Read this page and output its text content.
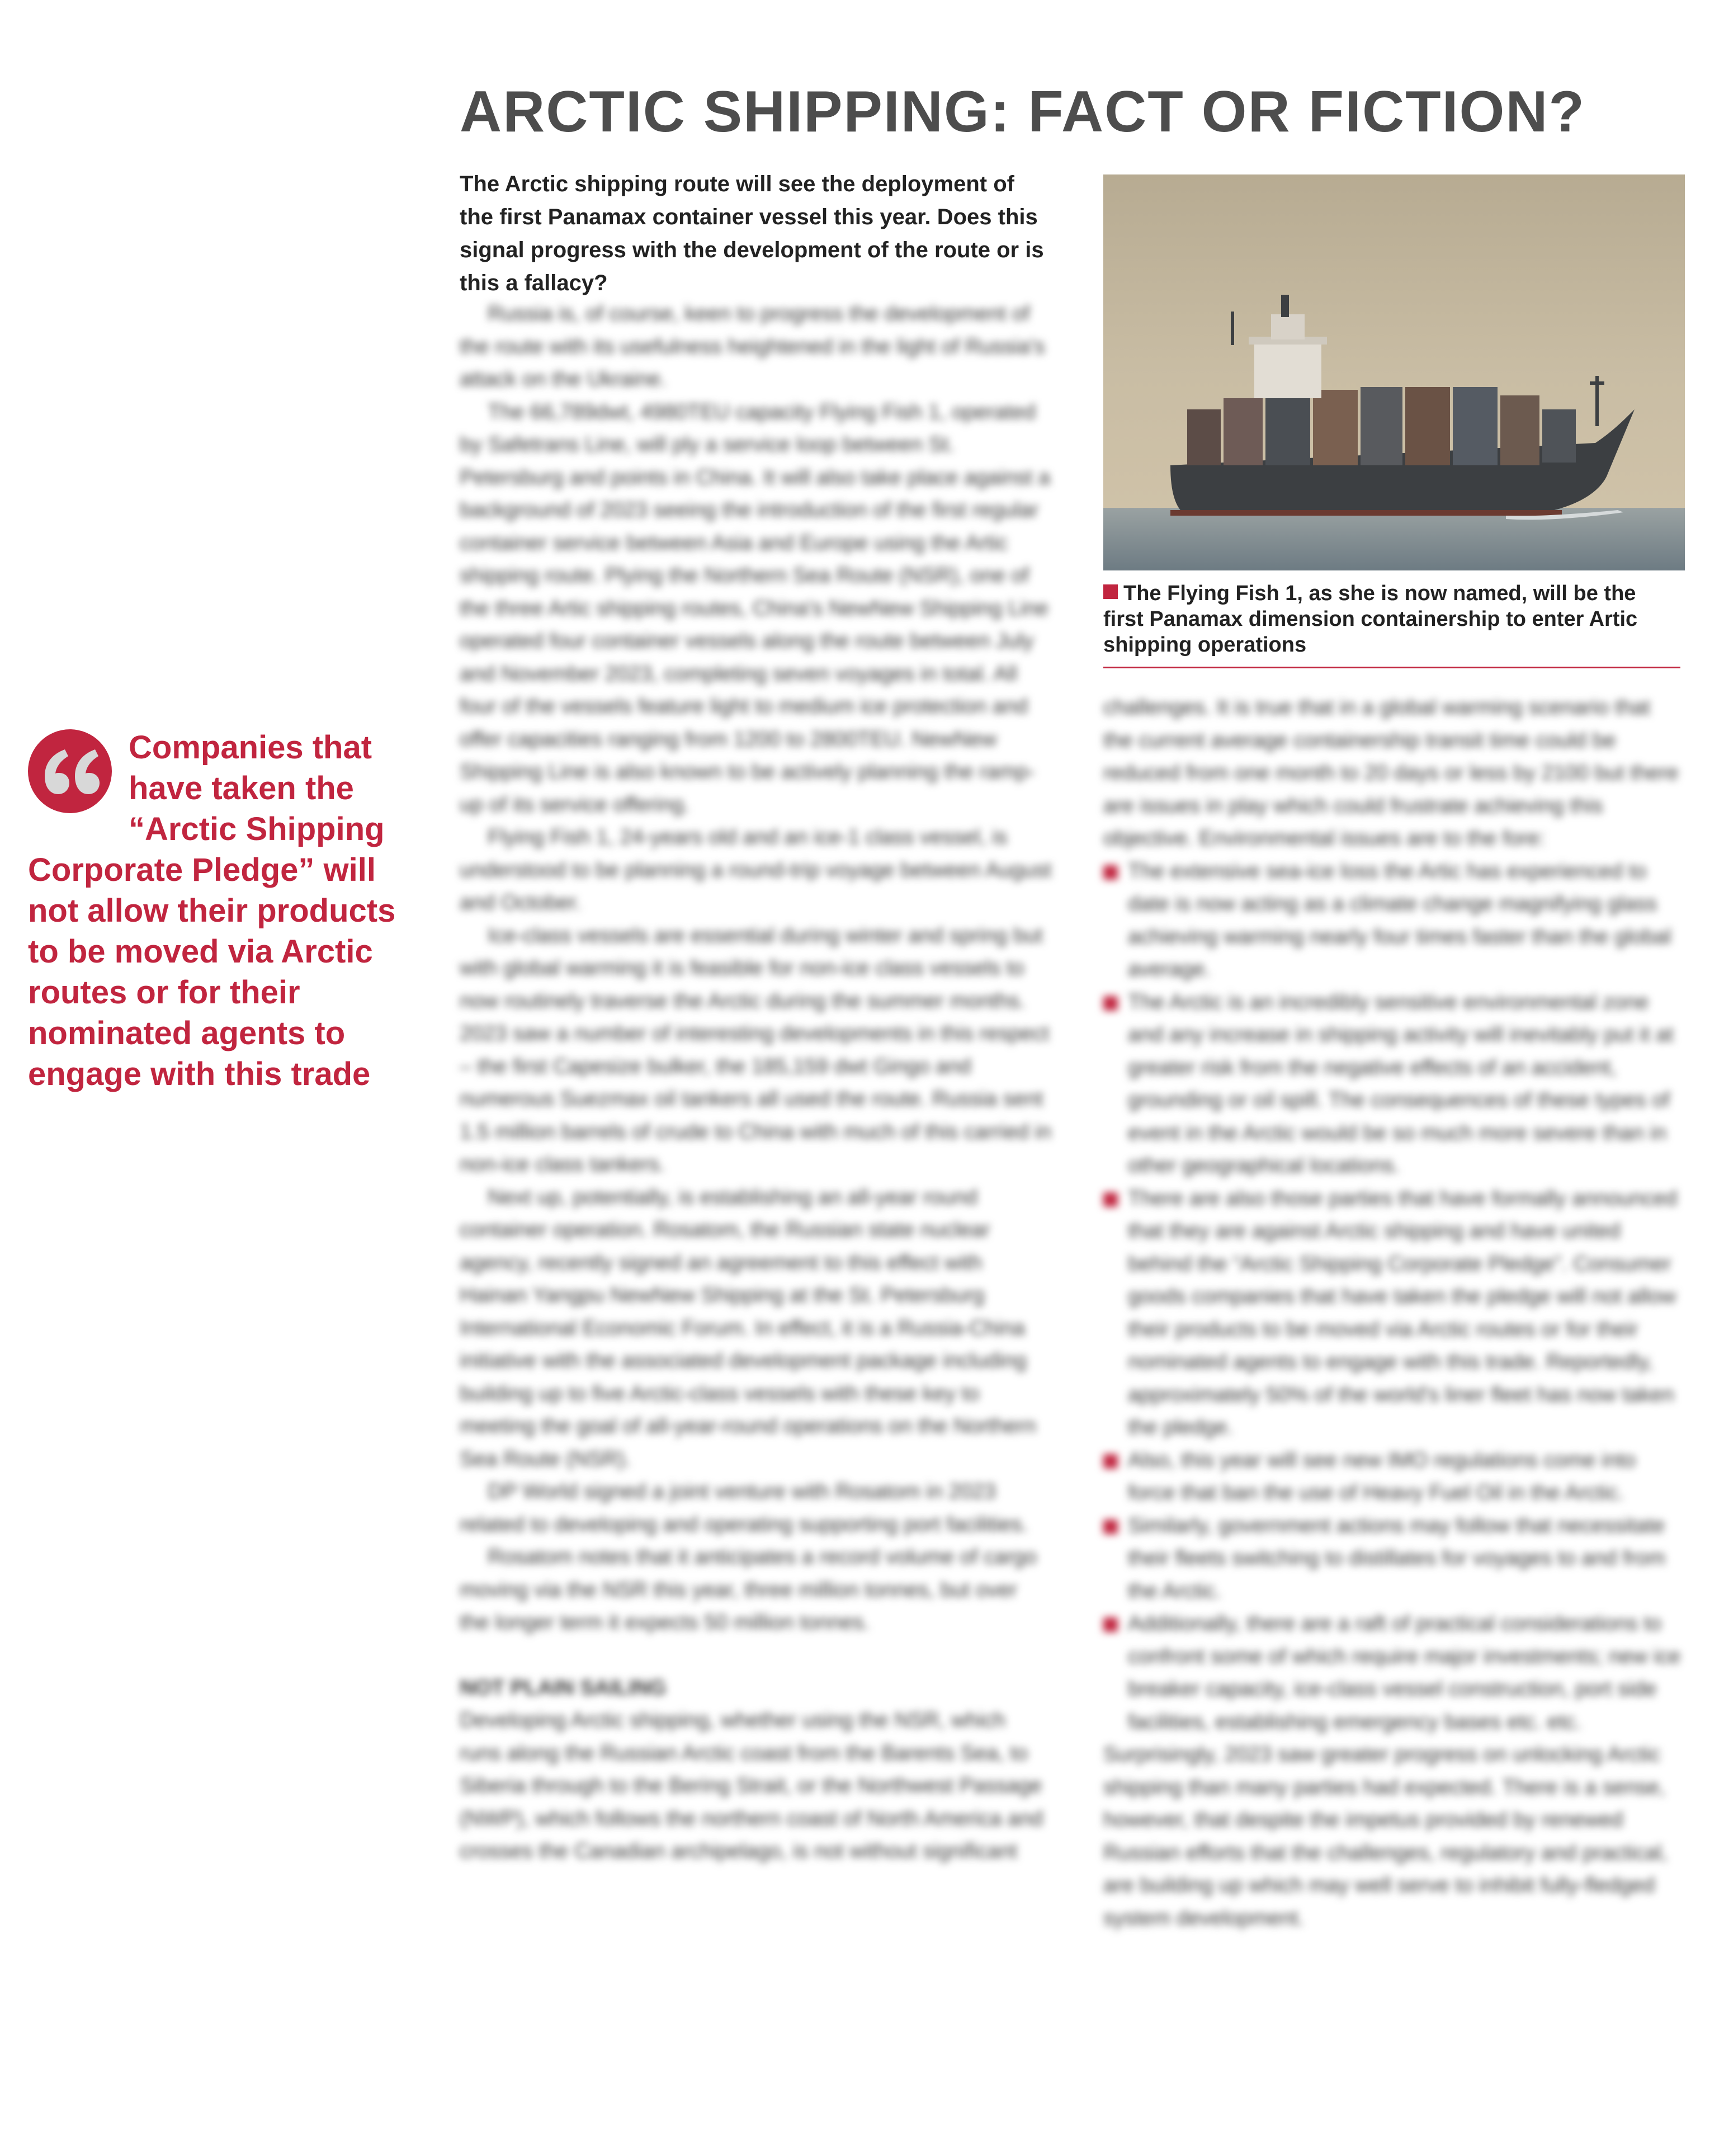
ARCTIC SHIPPING: FACT OR FICTION?
The Arctic shipping route will see the deployment of the first Panamax container vessel this year. Does this signal progress with the development of the route or is this a fallacy?
Companies that have taken the “Arctic Shipping Corporate Pledge” will not allow their products to be moved via Arctic routes or for their nominated agents to engage with this trade
The Flying Fish 1, as she is now named, will be the first Panamax dimension containership to enter Artic shipping operations

Russia is, of course, keen to progress the development of the route with its usefulness heightened in the light of Russia's attack on the Ukraine.

The 66,789dwt, 4980TEU capacity Flying Fish 1, operated by Safetrans Line, will ply a service loop between St. Petersburg and points in China. It will also take place against a background of 2023 seeing the introduction of the first regular container service between Asia and Europe using the Artic shipping route. Plying the Northern Sea Route (NSR), one of the three Artic shipping routes, China's NewNew Shipping Line operated four container vessels along the route between July and November 2023, completing seven voyages in total. All four of the vessels feature light to medium ice protection and offer capacities ranging from 1200 to 2800TEU. NewNew Shipping Line is also known to be actively planning the ramp-up of its service offering.

Flying Fish 1, 24-years old and an ice-1 class vessel, is understood to be planning a round-trip voyage between August and October.

Ice-class vessels are essential during winter and spring but with global warming it is feasible for non-ice class vessels to now routinely traverse the Arctic during the summer months. 2023 saw a number of interesting developments in this respect – the first Capesize bulker, the 185,159 dwt Gingo and numerous Suezmax oil tankers all used the route. Russia sent 1.5 million barrels of crude to China with much of this carried in non-ice class tankers.

Next up, potentially, is establishing an all-year round container operation. Rosatom, the Russian state nuclear agency, recently signed an agreement to this effect with Hainan Yangpu NewNew Shipping at the St. Petersburg International Economic Forum. In effect, it is a Russia-China initiative with the associated development package including building up to five Arctic-class vessels with these key to meeting the goal of all-year-round operations on the Northern Sea Route (NSR).

DP World signed a joint venture with Rosatom in 2023 related to developing and operating supporting port facilities.

Rosatom notes that it anticipates a record volume of cargo moving via the NSR this year, three million tonnes, but over the longer term it expects 50 million tonnes.

NOT PLAIN SAILING

Developing Arctic shipping, whether using the NSR, which runs along the Russian Arctic coast from the Barents Sea, to Siberia through to the Bering Strait, or the Northwest Passage (NWP), which follows the northern coast of North America and crosses the Canadian archipelago, is not without significant

challenges. It is true that in a global warming scenario that the current average containership transit time could be reduced from one month to 20 days or less by 2100 but there are issues in play which could frustrate achieving this objective. Environmental issues are to the fore:

The extensive sea-ice loss the Artic has experienced to date is now acting as a climate change magnifying glass achieving warming nearly four times faster than the global average.

The Arctic is an incredibly sensitive environmental zone and any increase in shipping activity will inevitably put it at greater risk from the negative effects of an accident, grounding or oil spill. The consequences of these types of event in the Arctic would be so much more severe than in other geographical locations.

There are also those parties that have formally announced that they are against Arctic shipping and have united behind the “Arctic Shipping Corporate Pledge”. Consumer goods companies that have taken the pledge will not allow their products to be moved via Arctic routes or for their nominated agents to engage with this trade. Reportedly, approximately 50% of the world's liner fleet has now taken the pledge.

Also, this year will see new IMO regulations come into force that ban the use of Heavy Fuel Oil in the Arctic.

Similarly, government actions may follow that necessitate their fleets switching to distillates for voyages to and from the Arctic.

Additionally, there are a raft of practical considerations to confront some of which require major investments; new ice breaker capacity, ice-class vessel construction, port side facilities, establishing emergency bases etc. etc.

Surprisingly, 2023 saw greater progress on unlocking Arctic shipping than many parties had expected. There is a sense, however, that despite the impetus provided by renewed Russian efforts that the challenges, regulatory and practical, are building up which may well serve to inhibit fully-fledged system development.
